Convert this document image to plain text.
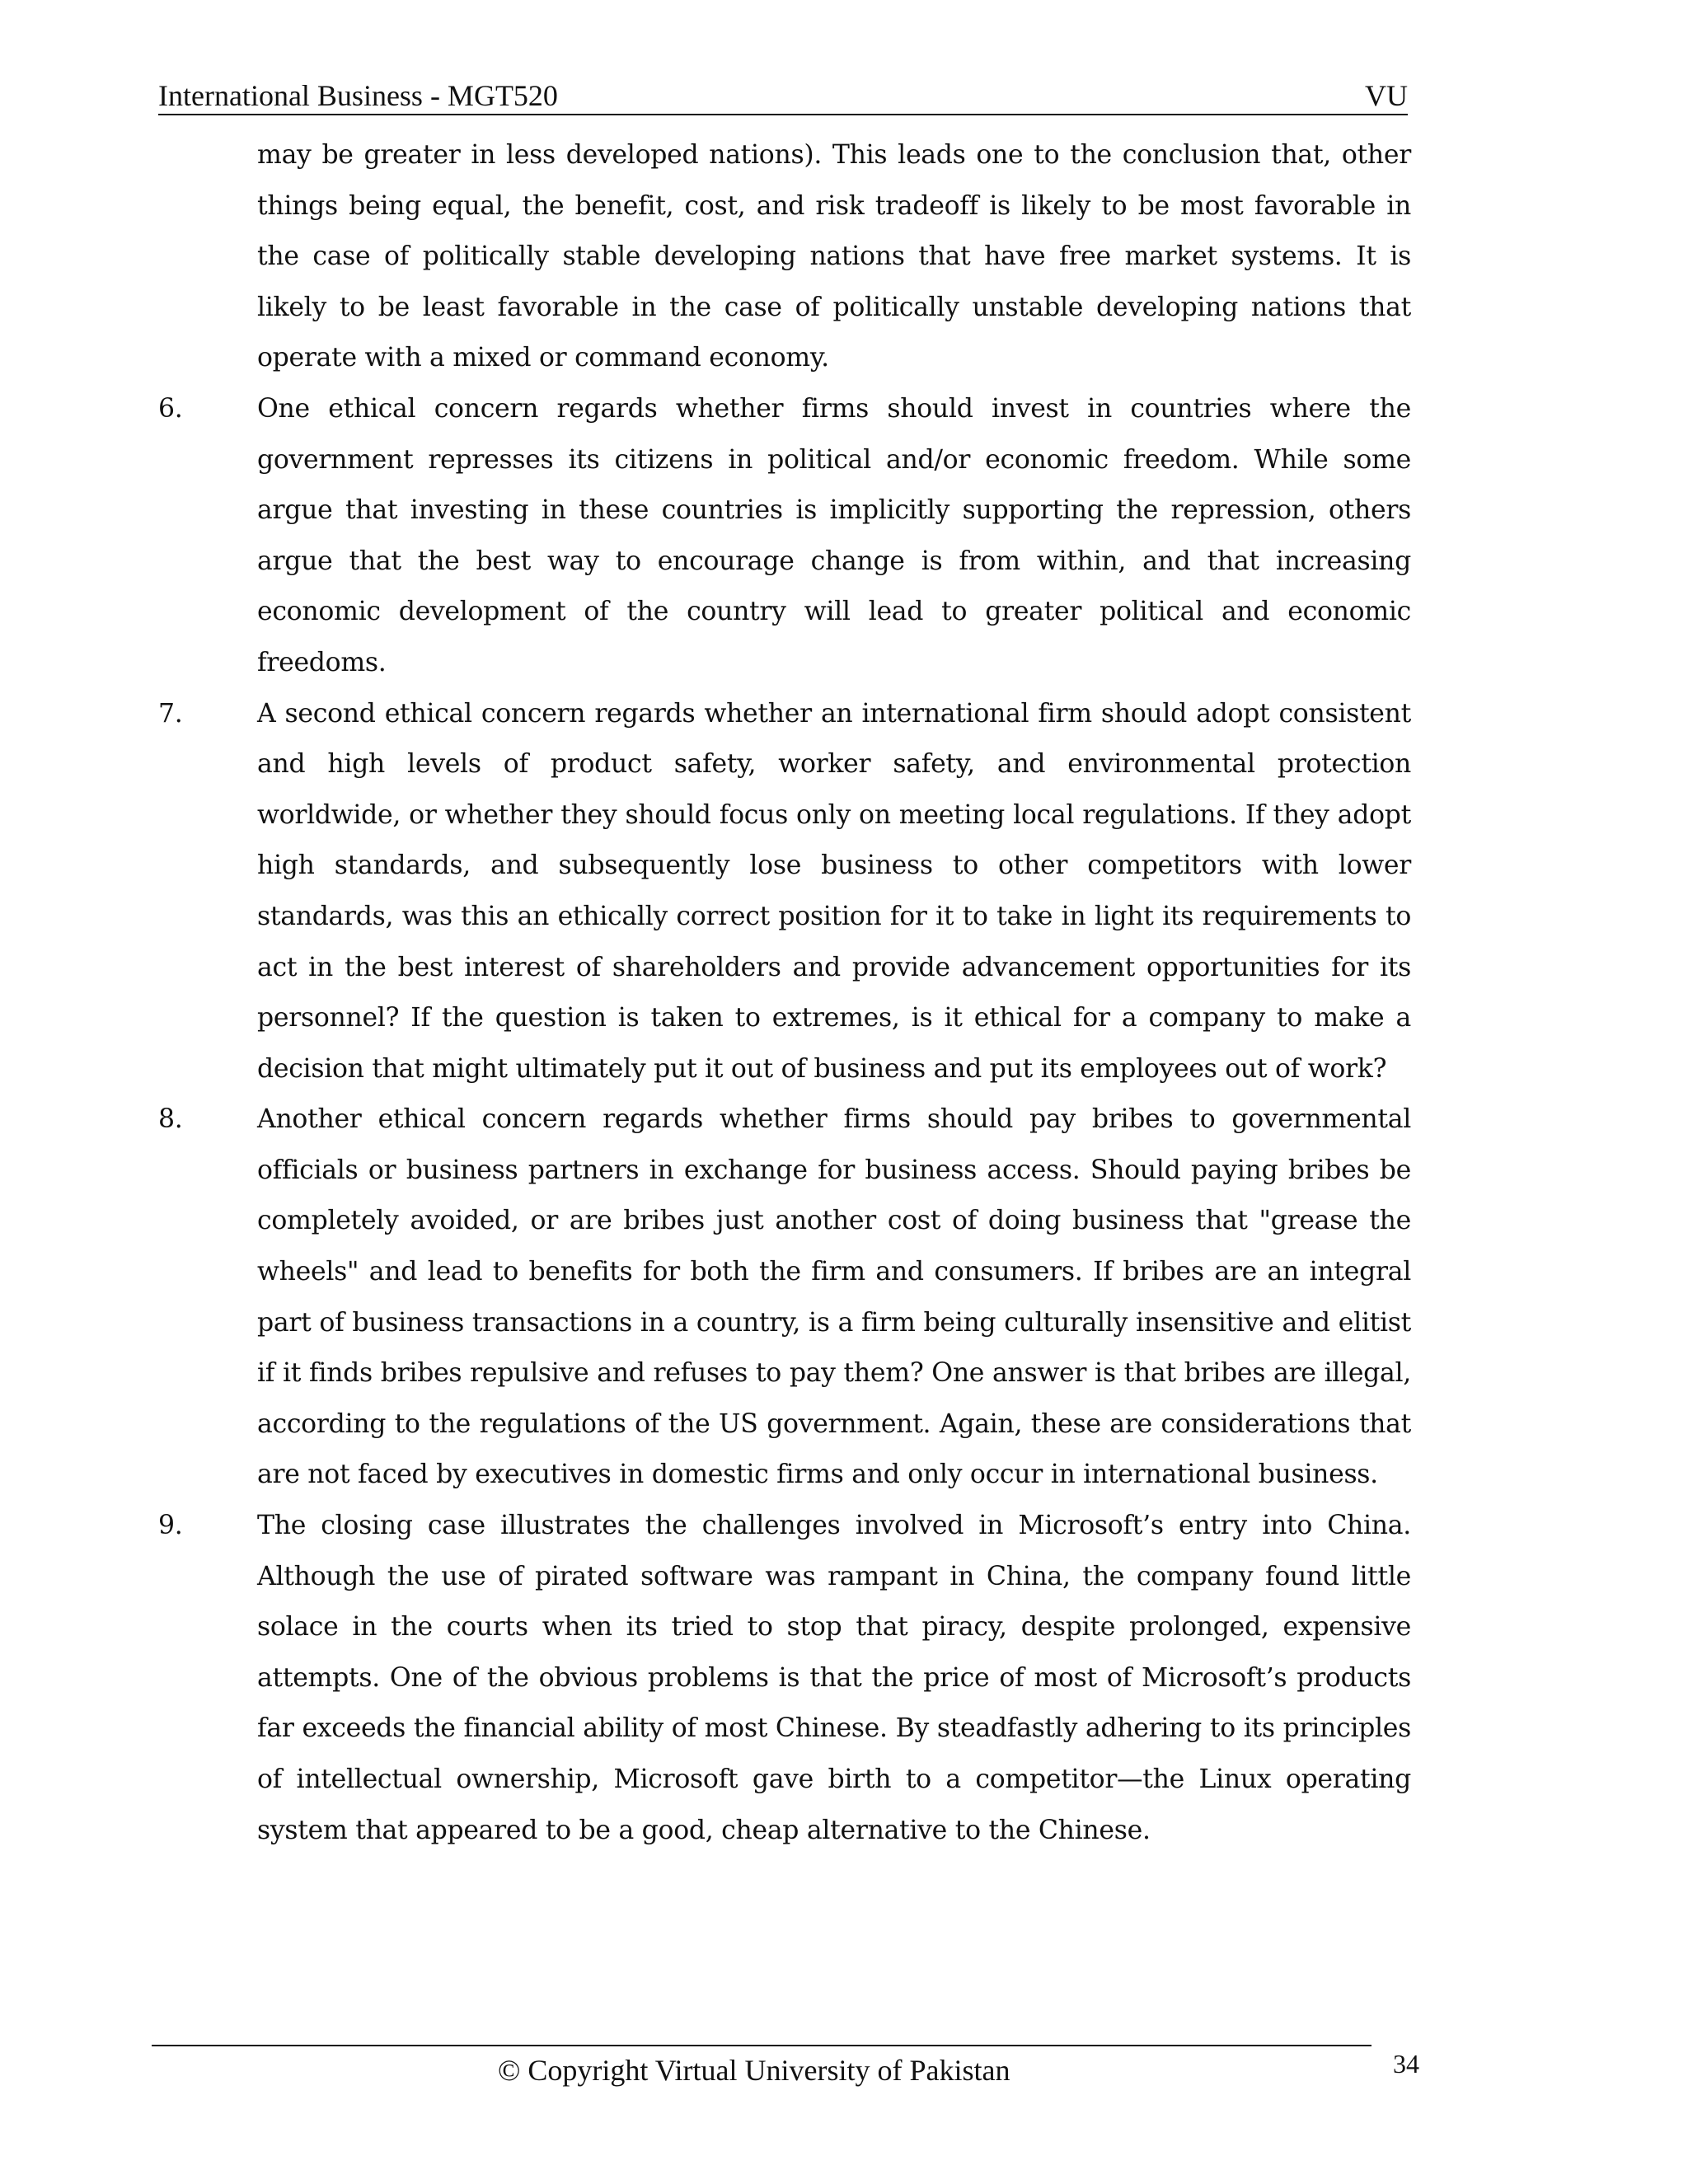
International Business - MGT520	VU
may be greater in less developed nations). This leads one to the conclusion that, other things being equal, the benefit, cost, and risk tradeoff is likely to be most favorable in the case of politically stable developing nations that have free market systems. It is likely to be least favorable in the case of politically unstable developing nations that operate with a mixed or command economy.
6.	One ethical concern regards whether firms should invest in countries where the government represses its citizens in political and/or economic freedom. While some argue that investing in these countries is implicitly supporting the repression, others argue that the best way to encourage change is from within, and that increasing economic development of the country will lead to greater political and economic freedoms.
7.	A second ethical concern regards whether an international firm should adopt consistent and high levels of product safety, worker safety, and environmental protection worldwide, or whether they should focus only on meeting local regulations. If they adopt high standards, and subsequently lose business to other competitors with lower standards, was this an ethically correct position for it to take in light its requirements to act in the best interest of shareholders and provide advancement opportunities for its personnel? If the question is taken to extremes, is it ethical for a company to make a decision that might ultimately put it out of business and put its employees out of work?
8.	Another ethical concern regards whether firms should pay bribes to governmental officials or business partners in exchange for business access. Should paying bribes be completely avoided, or are bribes just another cost of doing business that "grease the wheels" and lead to benefits for both the firm and consumers. If bribes are an integral part of business transactions in a country, is a firm being culturally insensitive and elitist if it finds bribes repulsive and refuses to pay them? One answer is that bribes are illegal, according to the regulations of the US government. Again, these are considerations that are not faced by executives in domestic firms and only occur in international business.
9.	The closing case illustrates the challenges involved in Microsoft’s entry into China. Although the use of pirated software was rampant in China, the company found little solace in the courts when its tried to stop that piracy, despite prolonged, expensive attempts. One of the obvious problems is that the price of most of Microsoft’s products far exceeds the financial ability of most Chinese. By steadfastly adhering to its principles of intellectual ownership, Microsoft gave birth to a competitor—the Linux operating system that appeared to be a good, cheap alternative to the Chinese.
© Copyright Virtual University of Pakistan	34
